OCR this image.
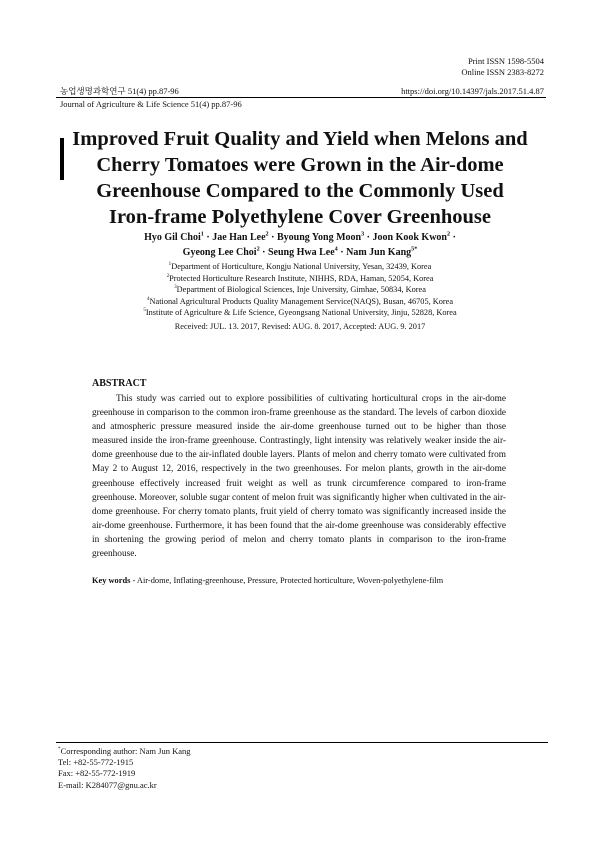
Print ISSN 1598-5504
Online ISSN 2383-8272
농업생명과학연구 51(4) pp.87-96	https://doi.org/10.14397/jals.2017.51.4.87
Journal of Agriculture & Life Science 51(4) pp.87-96
Improved Fruit Quality and Yield when Melons and
Cherry Tomatoes were Grown in the Air-dome
Greenhouse Compared to the Commonly Used
Iron-frame Polyethylene Cover Greenhouse
Hyo Gil Choi$^1$ · Jae Han Lee$^2$ · Byoung Yong Moon$^3$ · Joon Kook Kwon$^2$ ·
Gyeong Lee Choi$^2$ · Seung Hwa Lee$^4$ · Nam Jun Kang$^{5*}$
$^1$Department of Horticulture, Kongju National University, Yesan, 32439, Korea
$^2$Protected Horticulture Research Institute, NIHHS, RDA, Haman, 52054, Korea
$^3$Department of Biological Sciences, Inje University, Gimhae, 50834, Korea
$^4$National Agricultural Products Quality Management Service(NAQS), Busan, 46705, Korea
$^5$Institute of Agriculture & Life Science, Gyeongsang National University, Jinju, 52828, Korea
Received: JUL. 13. 2017, Revised: AUG. 8. 2017, Accepted: AUG. 9. 2017
ABSTRACT
This study was carried out to explore possibilities of cultivating horticultural crops in the air-dome greenhouse in comparison to the common iron-frame greenhouse as the standard. The levels of carbon dioxide and atmospheric pressure measured inside the air-dome greenhouse turned out to be higher than those measured inside the iron-frame greenhouse. Contrastingly, light intensity was relatively weaker inside the air-dome greenhouse due to the air-inflated double layers. Plants of melon and cherry tomato were cultivated from May 2 to August 12, 2016, respectively in the two greenhouses. For melon plants, growth in the air-dome greenhouse effectively increased fruit weight as well as trunk circumference compared to iron-frame greenhouse. Moreover, soluble sugar content of melon fruit was significantly higher when cultivated in the air-dome greenhouse. For cherry tomato plants, fruit yield of cherry tomato was significantly increased inside the air-dome greenhouse. Furthermore, it has been found that the air-dome greenhouse was considerably effective in shortening the growing period of melon and cherry tomato plants in comparison to the iron-frame greenhouse.
Key words - Air-dome, Inflating-greenhouse, Pressure, Protected horticulture, Woven-polyethylene-film
*Corresponding author: Nam Jun Kang
Tel: +82-55-772-1915
Fax: +82-55-772-1919
E-mail: K284077@gnu.ac.kr
